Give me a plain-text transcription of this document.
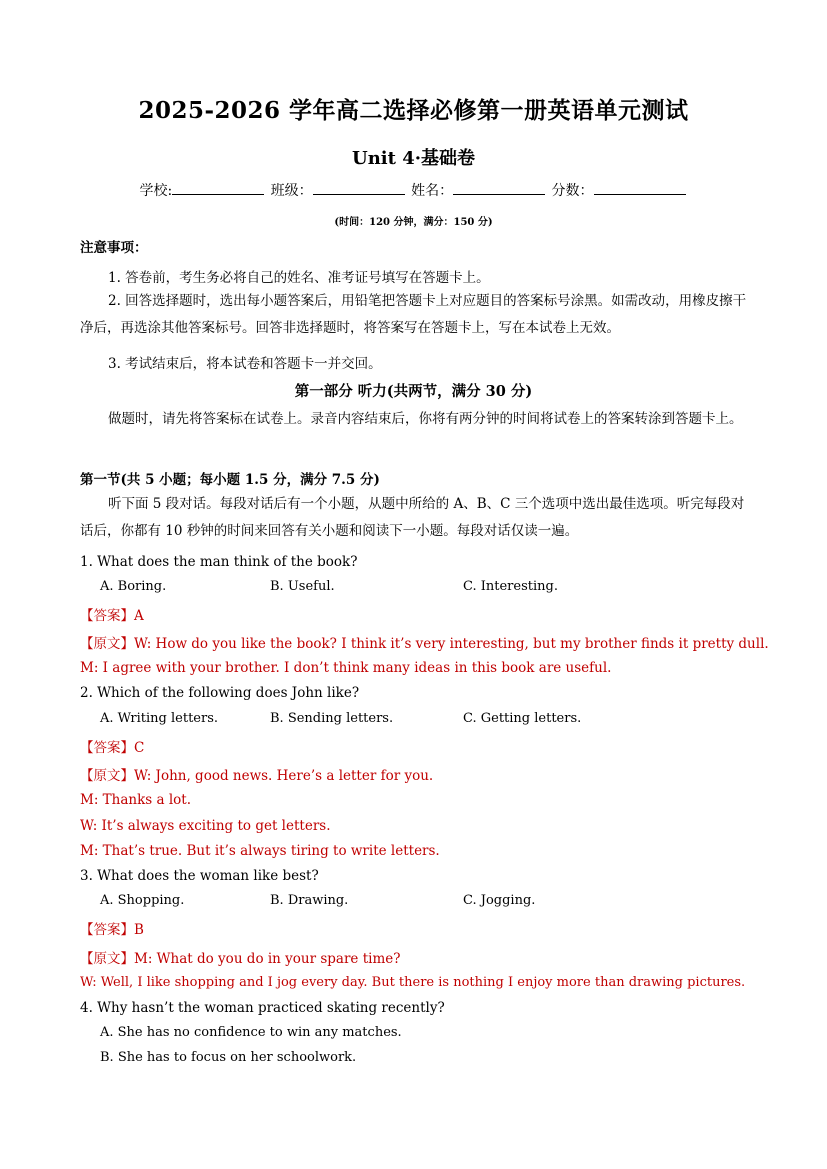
2025-2026 学年高二选择必修第一册英语单元测试
Unit 4·基础卷
学校:	班级：	姓名：	分数：
(时间：120 分钟，满分：150 分)
注意事项：
1. 答卷前，考生务必将自己的姓名、准考证号填写在答题卡上。
2. 回答选择题时，选出每小题答案后，用铅笔把答题卡上对应题目的答案标号涂黑。如需改动，用橡皮擦干净后，再选涂其他答案标号。回答非选择题时，将答案写在答题卡上，写在本试卷上无效。
3. 考试结束后，将本试卷和答题卡一并交回。
第一部分 听力(共两节，满分 30 分)
做题时，请先将答案标在试卷上。录音内容结束后，你将有两分钟的时间将试卷上的答案转涂到答题卡上。
第一节(共 5 小题；每小题 1.5 分，满分 7.5 分)
听下面 5 段对话。每段对话后有一个小题，从题中所给的 A、B、C 三个选项中选出最佳选项。听完每段对话后，你都有 10 秒钟的时间来回答有关小题和阅读下一小题。每段对话仅读一遍。
1. What does the man think of the book?
A. Boring.	B. Useful.	C. Interesting.
【答案】A
【原文】W: How do you like the book? I think it’s very interesting, but my brother finds it pretty dull.
M: I agree with your brother. I don’t think many ideas in this book are useful.
2. Which of the following does John like?
A. Writing letters.	B. Sending letters.	C. Getting letters.
【答案】C
【原文】W: John, good news. Here’s a letter for you.
M: Thanks a lot.
W: It’s always exciting to get letters.
M: That’s true. But it’s always tiring to write letters.
3. What does the woman like best?
A. Shopping.	B. Drawing.	C. Jogging.
【答案】B
【原文】M: What do you do in your spare time?
W: Well, I like shopping and I jog every day. But there is nothing I enjoy more than drawing pictures.
4. Why hasn’t the woman practiced skating recently?
A. She has no confidence to win any matches.
B. She has to focus on her schoolwork.
